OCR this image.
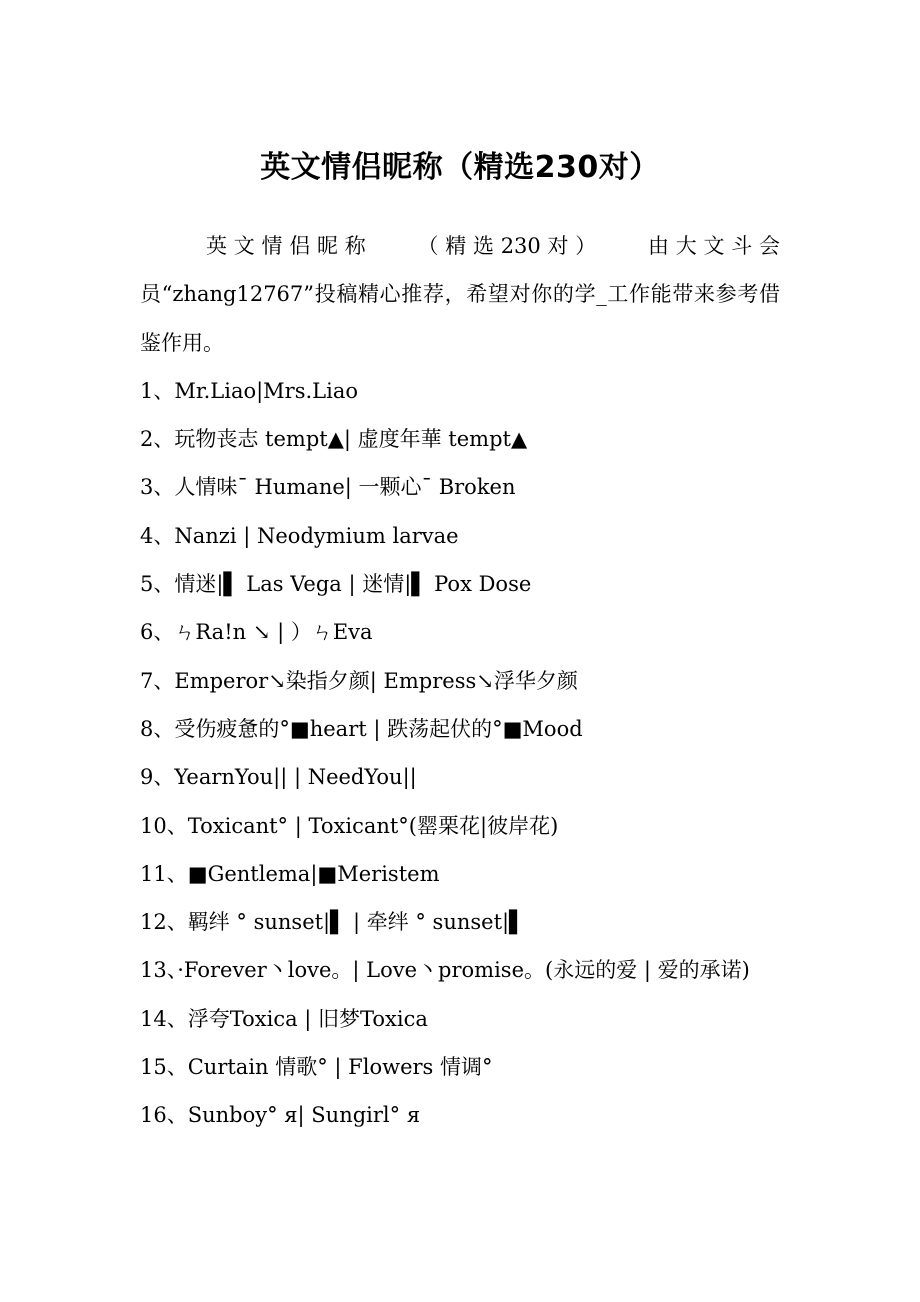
英文情侣昵称（精选230对）

英文情侣昵称　　（精选230对）　　由大文斗会员“zhang12767”投稿精心推荐，希望对你的学_工作能带来参考借鉴作用。

1、Mr.Liao|Mrs.Liao
2、玩物丧志 tempt▲| 虚度年華 tempt▲
3、人情味ˉ Humane| 一颗心ˉ Broken
4、Nanzi | Neodymium larvae
5、情迷|▌ Las Vega | 迷情|▌ Pox Dose
6、ㄣRa!n ↘ | ）ㄣEva
7、Emperor↘染指夕颜| Empress↘浮华夕颜
8、受伤疲惫的°■heart | 跌荡起伏的°■Mood
9、YearnYou|| | NeedYou||
10、Toxicant° | Toxicant°(罂栗花|彼岸花)
11、■Gentlema|■Meristem
12、羁绊 ° sunset|▌ | 牵绊 ° sunset|▌
13、·Forever丶love。| Love丶promise。(永远的爱 | 爱的承诺)
14、浮夸Toxica | 旧梦Toxica
15、Curtain 情歌° | Flowers 情调°
16、Sunboy° я| Sungirl° я
